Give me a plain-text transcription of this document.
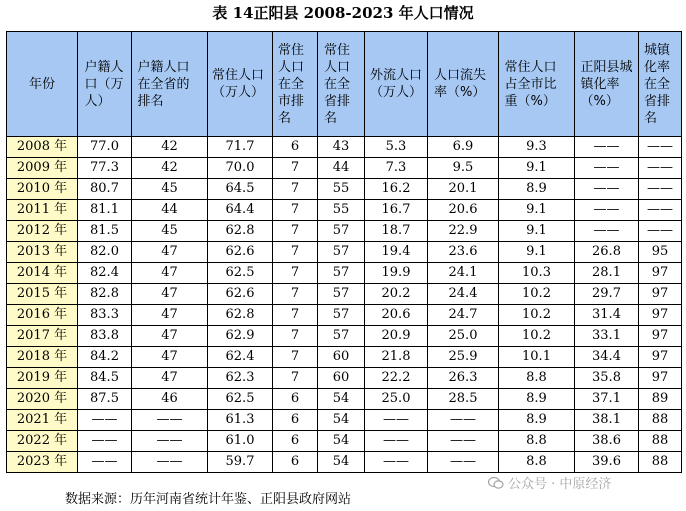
表 14正阳县 2008-2023 年人口情况
年份	户籍人口（万人）	户籍人口在全省的排名	常住人口（万人）	常住人口在全市排名	常住人口在全省排名	外流人口（万人）	人口流失率（%）	常住人口占全市比重（%）	正阳县城镇化率（%）	城镇化率在全省排名
2008 年	77.0	42	71.7	6	43	5.3	6.9	9.3	——	——
2009 年	77.3	42	70.0	7	44	7.3	9.5	9.1	——	——
2010 年	80.7	45	64.5	7	55	16.2	20.1	8.9	——	——
2011 年	81.1	44	64.4	7	55	16.7	20.6	9.1	——	——
2012 年	81.5	45	62.8	7	57	18.7	22.9	9.1	——	——
2013 年	82.0	47	62.6	7	57	19.4	23.6	9.1	26.8	95
2014 年	82.4	47	62.5	7	57	19.9	24.1	10.3	28.1	97
2015 年	82.8	47	62.6	7	57	20.2	24.4	10.2	29.7	97
2016 年	83.3	47	62.8	7	57	20.6	24.7	10.2	31.4	97
2017 年	83.8	47	62.9	7	57	20.9	25.0	10.2	33.1	97
2018 年	84.2	47	62.4	7	60	21.8	25.9	10.1	34.4	97
2019 年	84.5	47	62.3	7	60	22.2	26.3	8.8	35.8	97
2020 年	87.5	46	62.5	6	54	25.0	28.5	8.9	37.1	89
2021 年	——	——	61.3	6	54	——	——	8.9	38.1	88
2022 年	——	——	61.0	6	54	——	——	8.8	38.6	88
2023 年	——	——	59.7	6	54	——	——	8.8	39.6	88
数据来源：历年河南省统计年鉴、正阳县政府网站
公众号 · 中原经济
